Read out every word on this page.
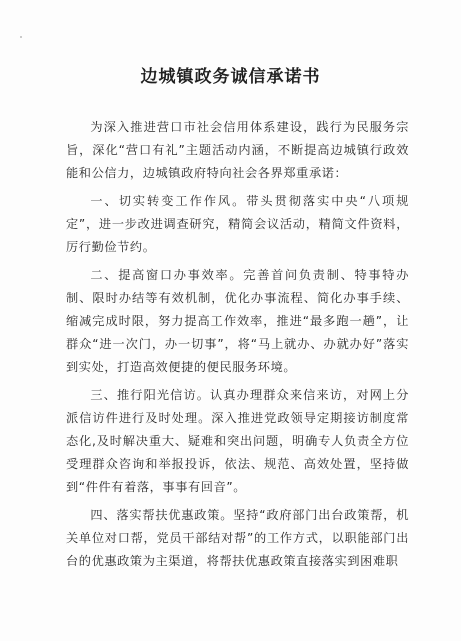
边城镇政务诚信承诺书

为深入推进营口市社会信用体系建设，践行为民服务宗旨，深化“营口有礼”主题活动内涵，不断提高边城镇行政效能和公信力，边城镇政府特向社会各界郑重承诺：

一、切实转变工作作风。带头贯彻落实中央“八项规定”，进一步改进调查研究，精简会议活动，精简文件资料，厉行勤俭节约。

二、提高窗口办事效率。完善首问负责制、特事特办制、限时办结等有效机制，优化办事流程、简化办事手续、缩减完成时限，努力提高工作效率，推进“最多跑一趟”，让群众“进一次门，办一切事”，将“马上就办、办就办好”落实到实处，打造高效便捷的便民服务环境。

三、推行阳光信访。认真办理群众来信来访，对网上分派信访件进行及时处理。深入推进党政领导定期接访制度常态化,及时解决重大、疑难和突出问题，明确专人负责全方位受理群众咨询和举报投诉，依法、规范、高效处置，坚持做到“件件有着落，事事有回音”。

四、落实帮扶优惠政策。坚持“政府部门出台政策帮，机关单位对口帮，党员干部结对帮”的工作方式，以职能部门出台的优惠政策为主渠道，将帮扶优惠政策直接落实到困难职
